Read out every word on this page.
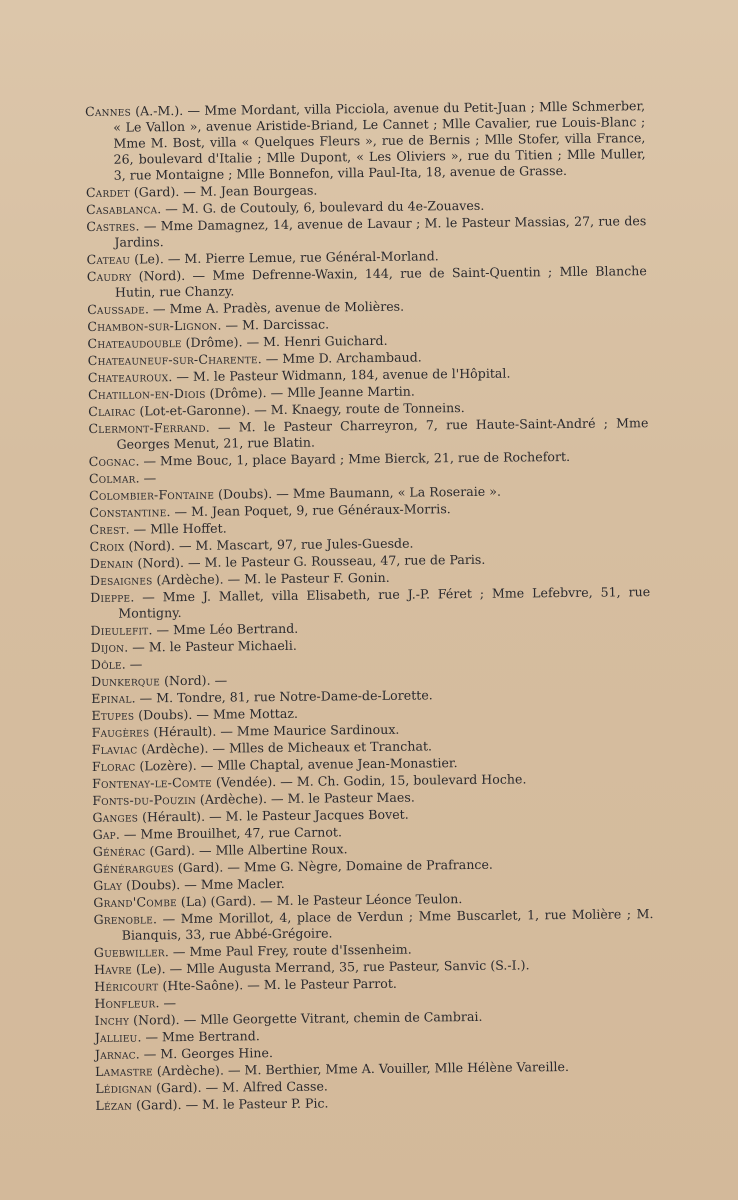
Cannes (A.-M.). — Mme Mordant, villa Picciola, avenue du Petit-Juan ; Mlle Schmerber, « Le Vallon », avenue Aristide-Briand, Le Cannet ; Mlle Cavalier, rue Louis-Blanc ; Mme M. Bost, villa « Quelques Fleurs », rue de Bernis ; Mlle Stofer, villa France, 26, boulevard d'Italie ; Mlle Dupont, « Les Oliviers », rue du Titien ; Mlle Muller, 3, rue Montaigne ; Mlle Bonnefon, villa Paul-Ita, 18, avenue de Grasse.

Cardet (Gard). — M. Jean Bourgeas.

Casablanca. — M. G. de Coutouly, 6, boulevard du 4e-Zouaves.

Castres. — Mme Damagnez, 14, avenue de Lavaur ; M. le Pasteur Massias, 27, rue des Jardins.

Cateau (Le). — M. Pierre Lemue, rue Général-Morland.

Caudry (Nord). — Mme Defrenne-Waxin, 144, rue de Saint-Quentin ; Mlle Blanche Hutin, rue Chanzy.

Caussade. — Mme A. Pradès, avenue de Molières.

Chambon-sur-Lignon. — M. Darcissac.

Chateaudouble (Drôme). — M. Henri Guichard.

Chateauneuf-sur-Charente. — Mme D. Archambaud.

Chateauroux. — M. le Pasteur Widmann, 184, avenue de l'Hôpital.

Chatillon-en-Diois (Drôme). — Mlle Jeanne Martin.

Clairac (Lot-et-Garonne). — M. Knaegy, route de Tonneins.

Clermont-Ferrand. — M. le Pasteur Charreyron, 7, rue Haute-Saint-André ; Mme Georges Menut, 21, rue Blatin.

Cognac. — Mme Bouc, 1, place Bayard ; Mme Bierck, 21, rue de Rochefort.

Colmar. —

Colombier-Fontaine (Doubs). — Mme Baumann, « La Roseraie ».

Constantine. — M. Jean Poquet, 9, rue Généraux-Morris.

Crest. — Mlle Hoffet.

Croix (Nord). — M. Mascart, 97, rue Jules-Guesde.

Denain (Nord). — M. le Pasteur G. Rousseau, 47, rue de Paris.

Desaignes (Ardèche). — M. le Pasteur F. Gonin.

Dieppe. — Mme J. Mallet, villa Elisabeth, rue J.-P. Féret ; Mme Lefebvre, 51, rue Montigny.

Dieulefit. — Mme Léo Bertrand.

Dijon. — M. le Pasteur Michaeli.

Dôle. —

Dunkerque (Nord). —

Epinal. — M. Tondre, 81, rue Notre-Dame-de-Lorette.

Etupes (Doubs). — Mme Mottaz.

Faugères (Hérault). — Mme Maurice Sardinoux.

Flaviac (Ardèche). — Mlles de Micheaux et Tranchat.

Florac (Lozère). — Mlle Chaptal, avenue Jean-Monastier.

Fontenay-le-Comte (Vendée). — M. Ch. Godin, 15, boulevard Hoche.

Fonts-du-Pouzin (Ardèche). — M. le Pasteur Maes.

Ganges (Hérault). — M. le Pasteur Jacques Bovet.

Gap. — Mme Brouilhet, 47, rue Carnot.

Générac (Gard). — Mlle Albertine Roux.

Générargues (Gard). — Mme G. Nègre, Domaine de Prafrance.

Glay (Doubs). — Mme Macler.

Grand'Combe (La) (Gard). — M. le Pasteur Léonce Teulon.

Grenoble. — Mme Morillot, 4, place de Verdun ; Mme Buscarlet, 1, rue Molière ; M. Bianquis, 33, rue Abbé-Grégoire.

Guebwiller. — Mme Paul Frey, route d'Issenheim.

Havre (Le). — Mlle Augusta Merrand, 35, rue Pasteur, Sanvic (S.-I.).

Héricourt (Hte-Saône). — M. le Pasteur Parrot.

Honfleur. —

Inchy (Nord). — Mlle Georgette Vitrant, chemin de Cambrai.

Jallieu. — Mme Bertrand.

Jarnac. — M. Georges Hine.

Lamastre (Ardèche). — M. Berthier, Mme A. Vouiller, Mlle Hélène Vareille.

Lédignan (Gard). — M. Alfred Casse.

Lézan (Gard). — M. le Pasteur P. Pic.
